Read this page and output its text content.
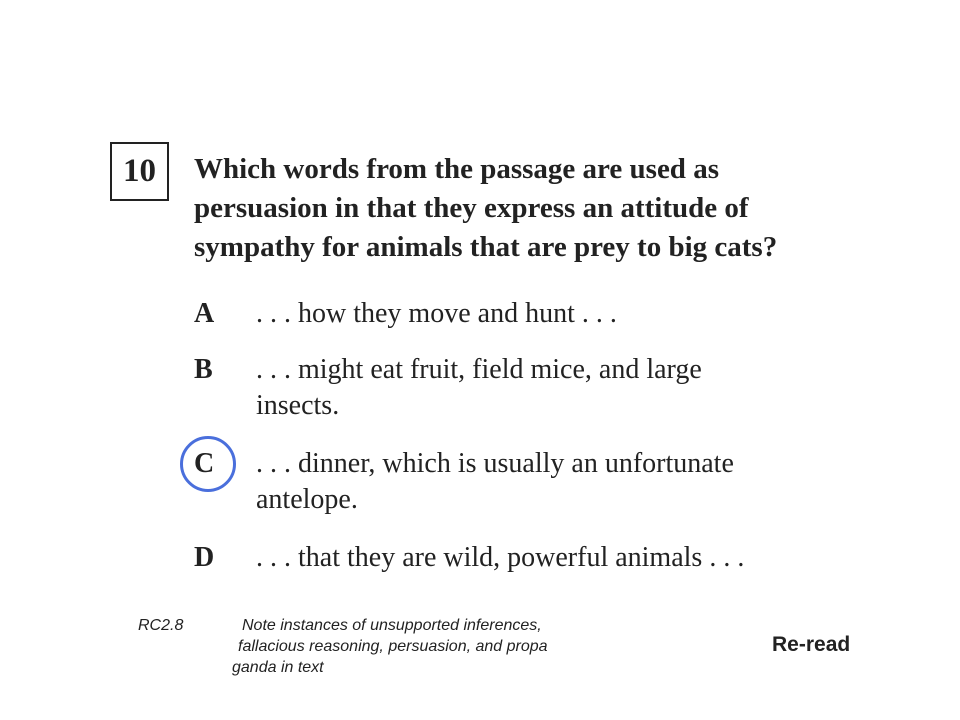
10	Which words from the passage are used as
persuasion in that they express an attitude of
sympathy for animals that are prey to big cats?
A . . . how they move and hunt . . .
B . . . might eat fruit, field mice, and large
insects.
C . . . dinner, which is usually an unfortunate
antelope.
D . . . that they are wild, powerful animals . . .
RC2.8	Note instances of unsupported inferences,
fallacious reasoning, persuasion, and propa
ganda in text
Re-read
